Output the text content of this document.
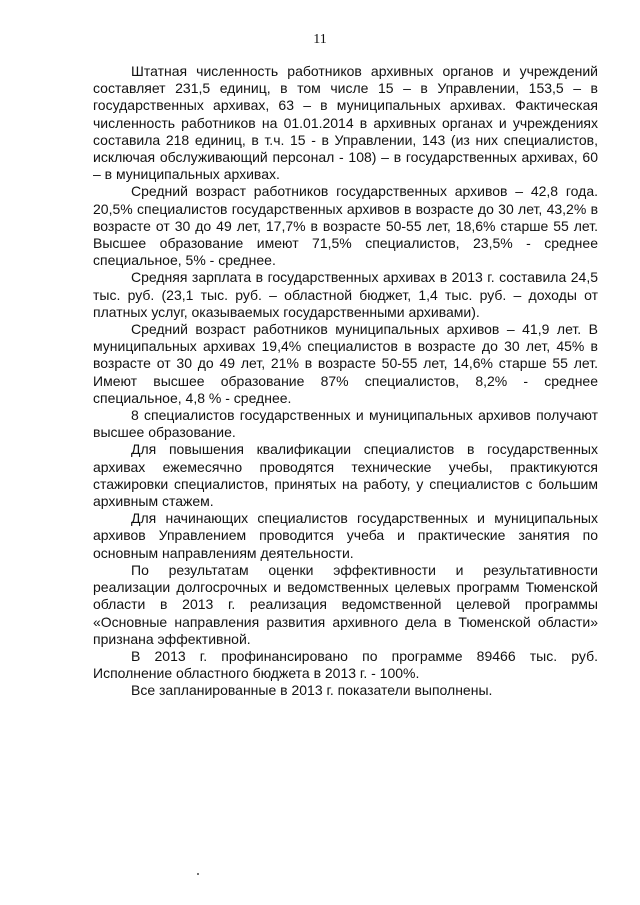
11

Штатная численность работников архивных органов и учреждений составляет 231,5 единиц, в том числе 15 – в Управлении, 153,5 – в государственных архивах, 63 – в муниципальных архивах. Фактическая численность работников на 01.01.2014 в архивных органах и учреждениях составила 218 единиц, в т.ч. 15 - в Управлении, 143 (из них специалистов, исключая обслуживающий персонал - 108) – в государственных архивах, 60 – в муниципальных архивах.

Средний возраст работников государственных архивов – 42,8 года. 20,5% специалистов государственных архивов в возрасте до 30 лет, 43,2% в возрасте от 30 до 49 лет, 17,7% в возрасте 50-55 лет, 18,6% старше 55 лет. Высшее образование имеют 71,5% специалистов, 23,5% - среднее специальное, 5% - среднее.

Средняя зарплата в государственных архивах в 2013 г. составила 24,5 тыс. руб. (23,1 тыс. руб. – областной бюджет, 1,4 тыс. руб. – доходы от платных услуг, оказываемых государственными архивами).

Средний возраст работников муниципальных архивов – 41,9 лет. В муниципальных архивах 19,4% специалистов в возрасте до 30 лет, 45% в возрасте от 30 до 49 лет, 21% в возрасте 50-55 лет, 14,6% старше 55 лет. Имеют высшее образование 87% специалистов, 8,2% - среднее специальное, 4,8 % - среднее.

8 специалистов государственных и муниципальных архивов получают высшее образование.

Для повышения квалификации специалистов в государственных архивах ежемесячно проводятся технические учебы, практикуются стажировки специалистов, принятых на работу, у специалистов с большим архивным стажем.

Для начинающих специалистов государственных и муниципальных архивов Управлением проводится учеба и практические занятия по основным направлениям деятельности.

По результатам оценки эффективности и результативности реализации долгосрочных и ведомственных целевых программ Тюменской области в 2013 г. реализация ведомственной целевой программы «Основные направления развития архивного дела в Тюменской области» признана эффективной.

В 2013 г. профинансировано по программе 89466 тыс. руб. Исполнение областного бюджета в 2013 г. - 100%.

Все запланированные в 2013 г. показатели выполнены.
